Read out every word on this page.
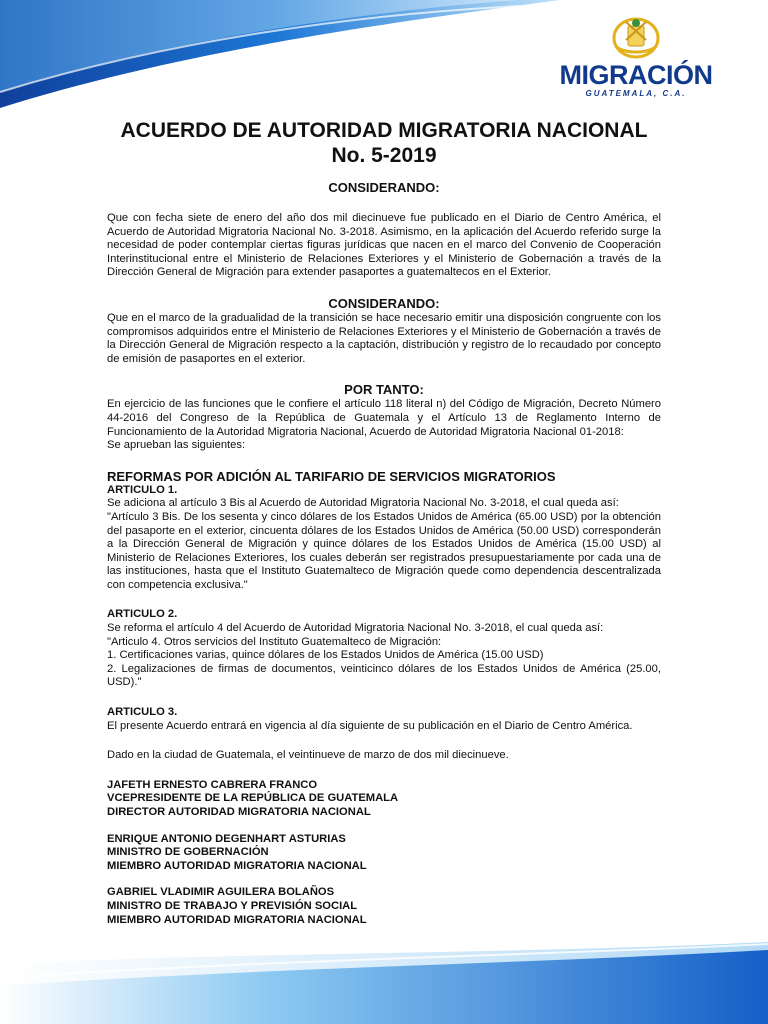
MIGRACIÓN
GUATEMALA, C.A.
ACUERDO DE AUTORIDAD MIGRATORIA NACIONAL
No. 5-2019

CONSIDERANDO:

Que con fecha siete de enero del año dos mil diecinueve fue publicado en el Diario de Centro América, el Acuerdo de Autoridad Migratoria Nacional No. 3-2018. Asimismo, en la aplicación del Acuerdo referido surge la necesidad de poder contemplar ciertas figuras jurídicas que nacen en el marco del Convenio de Cooperación Interinstitucional entre el Ministerio de Relaciones Exteriores y el Ministerio de Gobernación a través de la Dirección General de Migración para extender pasaportes a guatemaltecos en el Exterior.

CONSIDERANDO:

Que en el marco de la gradualidad de la transición se hace necesario emitir una disposición congruente con los compromisos adquiridos entre el Ministerio de Relaciones Exteriores y el Ministerio de Gobernación a través de la Dirección General de Migración respecto a la captación, distribución y registro de lo recaudado por concepto de emisión de pasaportes en el exterior.

POR TANTO:

En ejercicio de las funciones que le confiere el artículo 118 literal n) del Código de Migración, Decreto Número 44-2016 del Congreso de la República de Guatemala y el Artículo 13 de Reglamento Interno de Funcionamiento de la Autoridad Migratoria Nacional, Acuerdo de Autoridad Migratoria Nacional 01-2018:

Se aprueban las siguientes:

REFORMAS POR ADICIÓN AL TARIFARIO DE SERVICIOS MIGRATORIOS

ARTICULO 1.

Se adiciona al artículo 3 Bis al Acuerdo de Autoridad Migratoria Nacional No. 3-2018, el cual queda así:

"Artículo 3 Bis. De los sesenta y cinco dólares de los Estados Unidos de América (65.00 USD) por la obtención del pasaporte en el exterior, cincuenta dólares de los Estados Unidos de América (50.00 USD) corresponderán a la Dirección General de Migración y quince dólares de los Estados Unidos de América (15.00 USD) al Ministerio de Relaciones Exteriores, los cuales deberán ser registrados presupuestariamente por cada una de las instituciones, hasta que el Instituto Guatemalteco de Migración quede como dependencia descentralizada con competencia exclusiva."

ARTICULO 2.

Se reforma el artículo 4 del Acuerdo de Autoridad Migratoria Nacional No. 3-2018, el cual queda así:

"Articulo 4. Otros servicios del Instituto Guatemalteco de Migración:

1. Certificaciones varias, quince dólares de los Estados Unidos de América (15.00 USD)

2. Legalizaciones de firmas de documentos, veinticinco dólares de los Estados Unidos de América (25.00, USD)."

ARTICULO 3.

El presente Acuerdo entrará en vigencia al día siguiente de su publicación en el Diario de Centro América.

Dado en la ciudad de Guatemala, el veintinueve de marzo de dos mil diecinueve.

JAFETH ERNESTO CABRERA FRANCO

VCEPRESIDENTE DE LA REPÚBLICA DE GUATEMALA

DIRECTOR AUTORIDAD MIGRATORIA NACIONAL

ENRIQUE ANTONIO DEGENHART ASTURIAS

MINISTRO DE GOBERNACIÓN

MIEMBRO AUTORIDAD MIGRATORIA NACIONAL

GABRIEL VLADIMIR AGUILERA BOLAÑOS

MINISTRO DE TRABAJO Y PREVISIÓN SOCIAL

MIEMBRO AUTORIDAD MIGRATORIA NACIONAL
